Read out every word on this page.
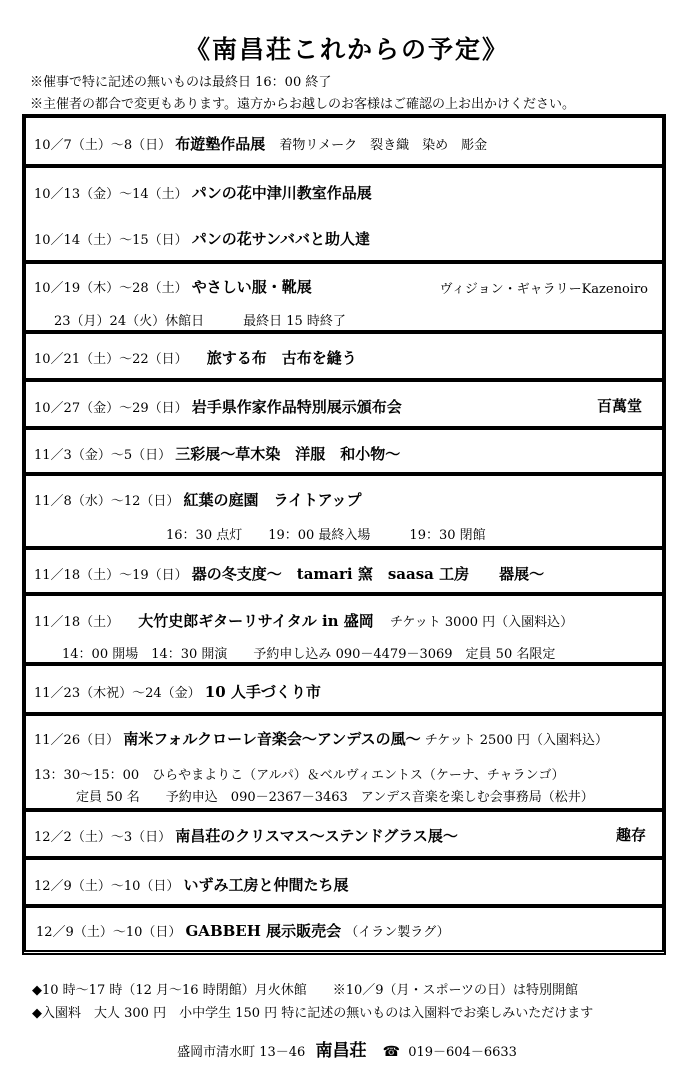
《南昌荘これからの予定》
※催事で特に記述の無いものは最終日 16：00 終了
※主催者の都合で変更もあります。遠方からお越しのお客様はご確認の上お出かけください。
10／7（土）～8（日） 布遊塾作品展 着物リメーク　裂き織　染め　彫金
10／13（金）～14（土） パンの花中津川教室作品展
10／14（土）～15（日） パンの花サンババと助人達
10／19（木）～28（土） やさしい服・靴展	ヴィジョン・ギャラリーKazenoiro
23（月）24（火）休館日　　　最終日 15 時終了
10／21（土）～22（日） 　旅する布　古布を縫う
10／27（金）～29（日） 岩手県作家作品特別展示頒布会	百萬堂
11／3（金）～5（日） 三彩展～草木染　洋服　和小物～
11／8（水）～12（日） 紅葉の庭園　ライトアップ
16：30 点灯　　19：00 最終入場　　　19：30 閉館
11／18（土）～19（日） 器の冬支度～　tamari 窯　saasa 工房　　器展～
11／18（土） 　大竹史郎ギターリサイタル in 盛岡 チケット 3000 円（入園料込）
14：00 開場　14：30 開演　　予約申し込み 090－4479－3069　定員 50 名限定
11／23（木祝）～24（金） 10 人手づくり市
11／26（日） 南米フォルクローレ音楽会～アンデスの風～ チケット 2500 円（入園料込）
13：30～15：00　ひらやまよりこ（アルパ）＆ベルヴィエントス（ケーナ、チャランゴ）
定員 50 名　　予約申込　090－2367－3463　アンデス音楽を楽しむ会事務局（松井）
12／2（土）～3（日） 南昌荘のクリスマス～ステンドグラス展～	趣存
12／9（土）～10（日） いずみ工房と仲間たち展
12／9（土）～10（日） GABBEH 展示販売会 （イラン製ラグ）
◆10 時～17 時（12 月～16 時閉館）月火休館　　※10／9（月・スポーツの日）は特別開館
◆入園料　大人 300 円　小中学生 150 円 特に記述の無いものは入園料でお楽しみいただけます
盛岡市清水町 13－46 南昌荘 ☎ 019－604－6633
